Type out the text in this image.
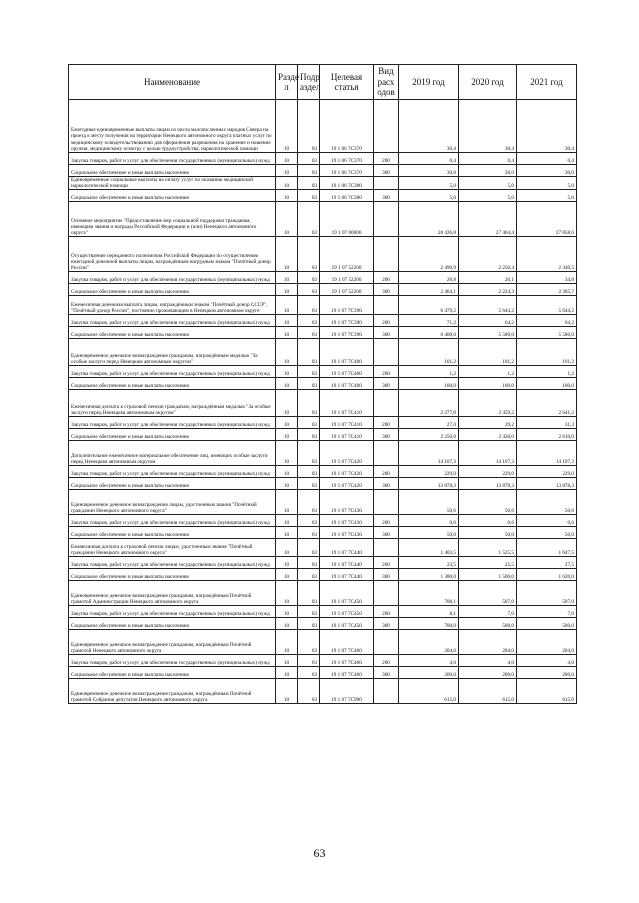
Наименование	Разде л	Подр аздел	Целевая статья	Вид расх одов	2019 год	2020 год	2021 год
Ежегодные единовременные выплаты лицам из числа малочисленных народов Севера на проезд к месту получения на территории Ненецкого автономного округа платных услуг по медицинскому освидетельствованию для оформления разрешения на хранение и ношение оружия, медицинскому осмотру с целью трудоустройства, наркологической помощи	10	03	19 1 06 7С370		30,4	30,4	30,4
Закупка товаров, работ и услуг для обеспечения государственных (муниципальных) нужд	10	03	19 1 06 7С370	200	0,4	0,4	0,4
Социальное обеспечение и иные выплаты населению	10	03	19 1 06 7С370	300	30,0	30,0	30,0
Единовременные социальные выплаты на оплату услуг по оказанию медицинской наркологической помощи	10	03	19 1 06 7С380		5,0	5,0	5,0
Социальное обеспечение и иные выплаты населению	10	03	19 1 06 7С380	300	5,0	5,0	5,0
Основное мероприятие "Предоставление мер социальной поддержки гражданам, имеющим звания и награды Российской Федерации и (или) Ненецкого автономного округа"	10	03	19 1 07 00000		28 436,8	27 464,4	27 858,6
Осуществление переданного полномочия Российской Федерации по осуществлению ежегодной денежной выплаты лицам, награждённым нагрудным знаком "Почётный донор России"	10	03	19 1 07 52200		2 490,9	2 250,4	2 340,5
Закупка товаров, работ и услуг для обеспечения государственных (муниципальных) нужд	10	03	19 1 07 52200	200	26,8	26,1	34,8
Социальное обеспечение и иные выплаты населению	10	03	19 1 07 52200	300	2 464,1	2 224,3	2 305,7
Ежемесячная денежная выплата лицам, награждённым знаком "Почётный донор СССР", "Почётный донор России", постоянно проживающим в Ненецком автономном округе	10	03	19 1 07 7С390		6 479,2	5 644,2	5 644,2
Закупка товаров, работ и услуг для обеспечения государственных (муниципальных) нужд	10	03	19 1 07 7С390	200	71,2	64,2	64,2
Социальное обеспечение и иные выплаты населению	10	03	19 1 07 7С390	300	6 408,0	5 580,0	5 580,0
Единовременное денежное вознаграждение гражданам, награждённым медалью "За особые заслуги перед Ненецким автономным округом"	10	03	19 1 07 7С400		101,2	101,2	101,2
Закупка товаров, работ и услуг для обеспечения государственных (муниципальных) нужд	10	03	19 1 07 7С400	200	1,2	1,2	1,2
Социальное обеспечение и иные выплаты населению	10	03	19 1 07 7С400	300	100,0	100,0	100,0
Ежемесячная доплата к страховой пенсии гражданам, награждённым медалью "За особые заслуги перед Ненецким автономным округом"	10	03	19 1 07 7С410		2 277,0	2 459,2	2 641,3
Закупка товаров, работ и услуг для обеспечения государственных (муниципальных) нужд	10	03	19 1 07 7С410	200	27,0	29,2	31,3
Социальное обеспечение и иные выплаты населению	10	03	19 1 07 7С410	300	2 250,0	2 430,0	2 610,0
Дополнительное ежемесячное материальное обеспечение лиц, имеющих особые заслуги перед Ненецким автономным округом	10	03	19 1 07 7С420		14 107,3	14 107,3	14 107,3
Закупка товаров, работ и услуг для обеспечения государственных (муниципальных) нужд	10	03	19 1 07 7С420	200	229,0	229,0	229,0
Социальное обеспечение и иные выплаты населению	10	03	19 1 07 7С420	300	13 878,3	13 878,3	13 878,3
Единовременное денежное вознаграждение лицам, удостоенным звания "Почётный гражданин Ненецкого автономного округа"	10	03	19 1 07 7С430		50,6	50,6	50,6
Закупка товаров, работ и услуг для обеспечения государственных (муниципальных) нужд	10	03	19 1 07 7С430	200	0,6	0,6	0,6
Социальное обеспечение и иные выплаты населению	10	03	19 1 07 7С430	300	50,0	50,0	50,0
Ежемесячная доплата к страховой пенсии лицам, удостоенным звания "Почётный гражданин Ненецкого автономного округа"	10	03	19 1 07 7С440		1 403,5	1 525,5	1 647,5
Закупка товаров, работ и услуг для обеспечения государственных (муниципальных) нужд	10	03	19 1 07 7С440	200	23,5	25,5	27,5
Социальное обеспечение и иные выплаты населению	10	03	19 1 07 7С440	300	1 380,0	1 500,0	1 620,0
Единовременное денежное вознаграждение гражданам, награждённым Почётной грамотой Администрации Ненецкого автономного округа	10	03	19 1 07 7С450		708,1	507,0	507,0
Закупка товаров, работ и услуг для обеспечения государственных (муниципальных) нужд	10	03	19 1 07 7С450	200	8,1	7,0	7,0
Социальное обеспечение и иные выплаты населению	10	03	19 1 07 7С450	300	700,0	500,0	500,0
Единовременное денежное вознаграждение гражданам, награждённым Почётной грамотой Ненецкого автономного округа	10	03	19 1 07 7С460		204,0	204,0	204,0
Закупка товаров, работ и услуг для обеспечения государственных (муниципальных) нужд	10	03	19 1 07 7С460	200	4,0	4,0	4,0
Социальное обеспечение и иные выплаты населению	10	03	19 1 07 7С460	300	200,0	200,0	200,0
Единовременное денежное вознаграждение гражданам, награждённым Почётной грамотой Собрания депутатов Ненецкого автономного округа	10	03	19 1 07 7С990		615,0	615,0	615,0
63
